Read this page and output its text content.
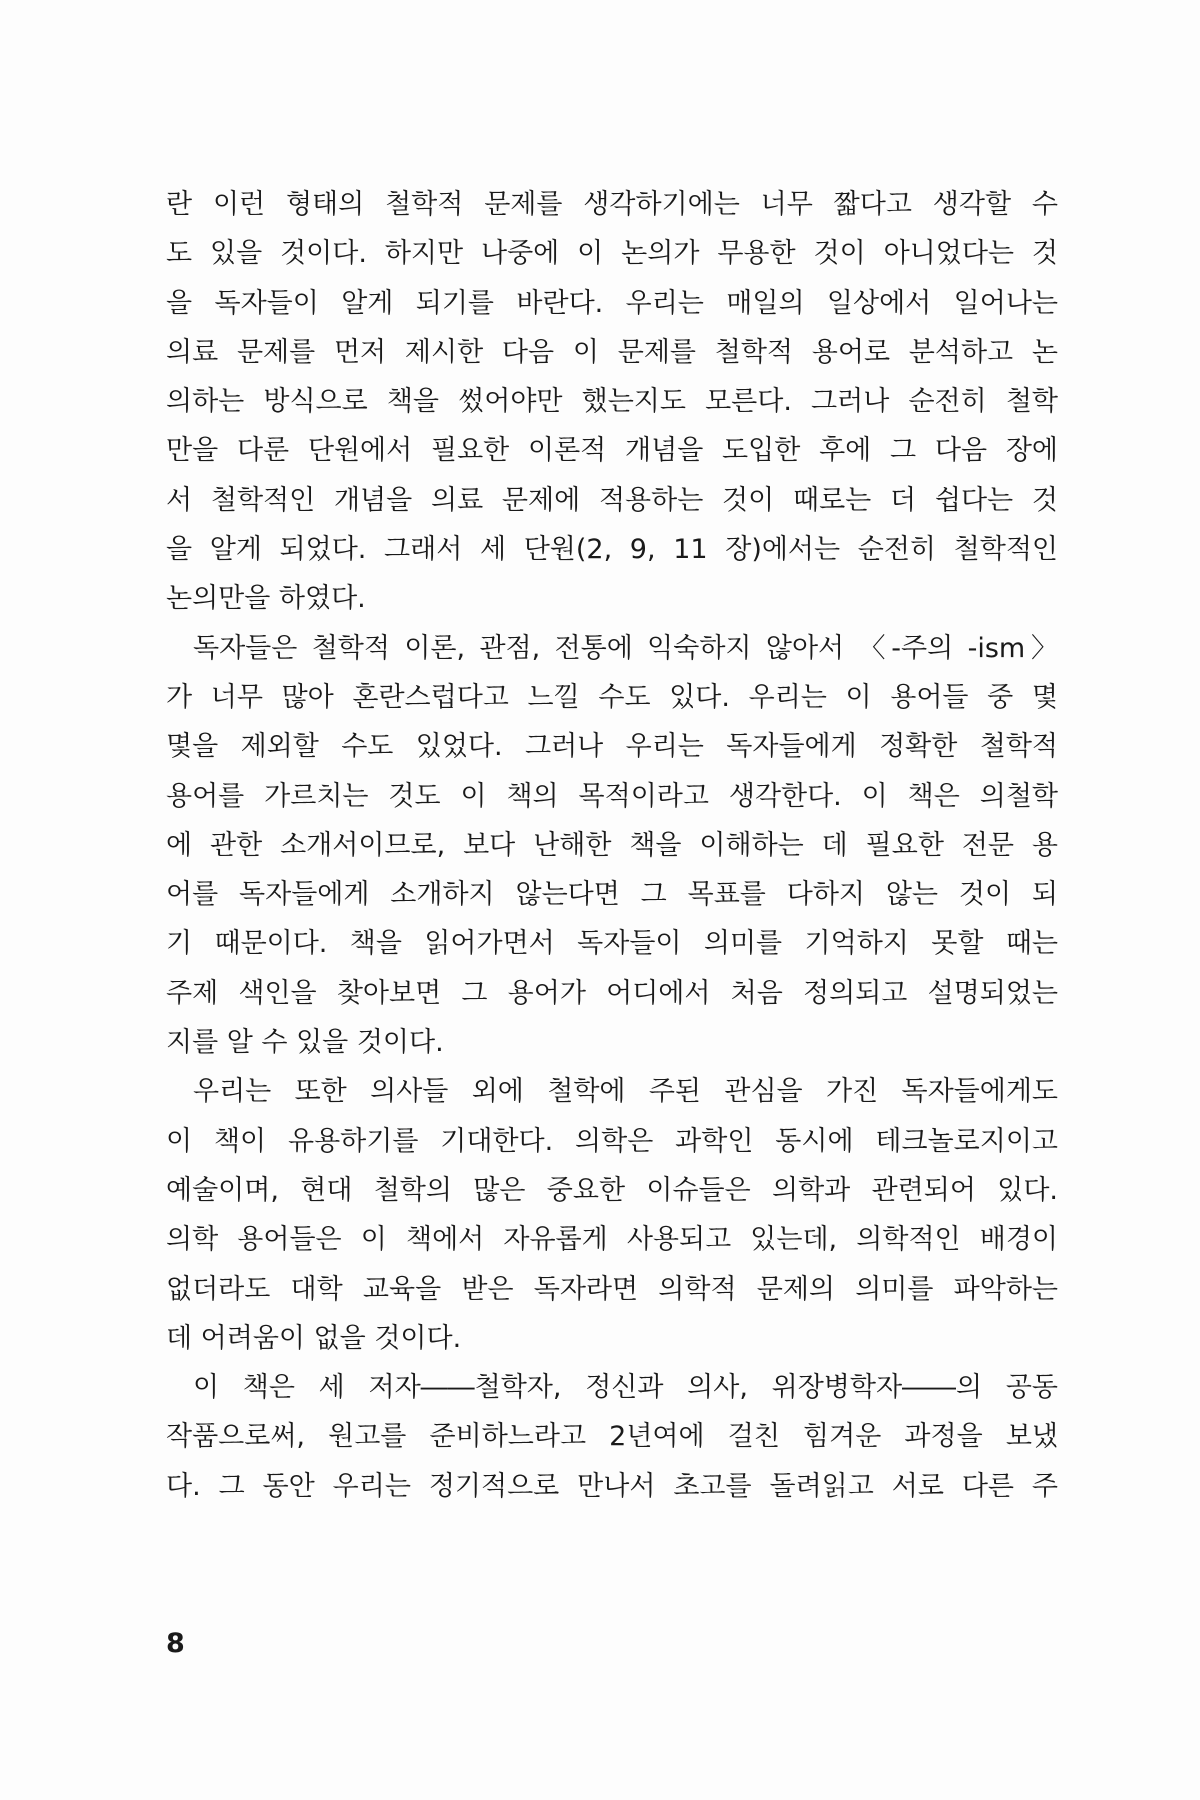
란 이런 형태의 철학적 문제를 생각하기에는 너무 짧다고 생각할 수
도 있을 것이다. 하지만 나중에 이 논의가 무용한 것이 아니었다는 것
을 독자들이 알게 되기를 바란다. 우리는 매일의 일상에서 일어나는
의료 문제를 먼저 제시한 다음 이 문제를 철학적 용어로 분석하고 논
의하는 방식으로 책을 썼어야만 했는지도 모른다. 그러나 순전히 철학
만을 다룬 단원에서 필요한 이론적 개념을 도입한 후에 그 다음 장에
서 철학적인 개념을 의료 문제에 적용하는 것이 때로는 더 쉽다는 것
을 알게 되었다. 그래서 세 단원(2, 9, 11 장)에서는 순전히 철학적인
논의만을 하였다.
독자들은 철학적 이론, 관점, 전통에 익숙하지 않아서 〈-주의 -ism〉
가 너무 많아 혼란스럽다고 느낄 수도 있다. 우리는 이 용어들 중 몇
몇을 제외할 수도 있었다. 그러나 우리는 독자들에게 정확한 철학적
용어를 가르치는 것도 이 책의 목적이라고 생각한다. 이 책은 의철학
에 관한 소개서이므로, 보다 난해한 책을 이해하는 데 필요한 전문 용
어를 독자들에게 소개하지 않는다면 그 목표를 다하지 않는 것이 되
기 때문이다. 책을 읽어가면서 독자들이 의미를 기억하지 못할 때는
주제 색인을 찾아보면 그 용어가 어디에서 처음 정의되고 설명되었는
지를 알 수 있을 것이다.
우리는 또한 의사들 외에 철학에 주된 관심을 가진 독자들에게도
이 책이 유용하기를 기대한다. 의학은 과학인 동시에 테크놀로지이고
예술이며, 현대 철학의 많은 중요한 이슈들은 의학과 관련되어 있다.
의학 용어들은 이 책에서 자유롭게 사용되고 있는데, 의학적인 배경이
없더라도 대학 교육을 받은 독자라면 의학적 문제의 의미를 파악하는
데 어려움이 없을 것이다.
이 책은 세 저자――철학자, 정신과 의사, 위장병학자――의 공동
작품으로써, 원고를 준비하느라고 2년여에 걸친 힘겨운 과정을 보냈
다. 그 동안 우리는 정기적으로 만나서 초고를 돌려읽고 서로 다른 주
8
